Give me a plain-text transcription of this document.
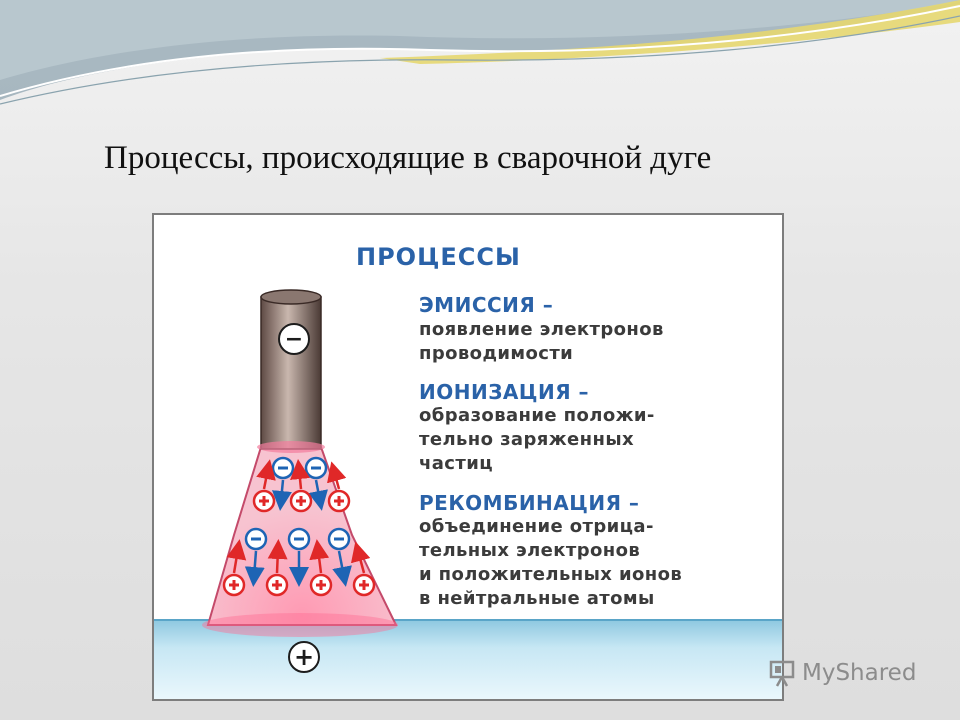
Процессы, происходящие в сварочной дуге
−
+
ПРОЦЕССЫ
ЭМИССИЯ –
появление электронов
проводимости
ИОНИЗАЦИЯ –
образование положи-
тельно заряженных
частиц
РЕКОМБИНАЦИЯ –
объединение отрица-
тельных электронов
и положительных ионов
в нейтральные атомы
MyShared
